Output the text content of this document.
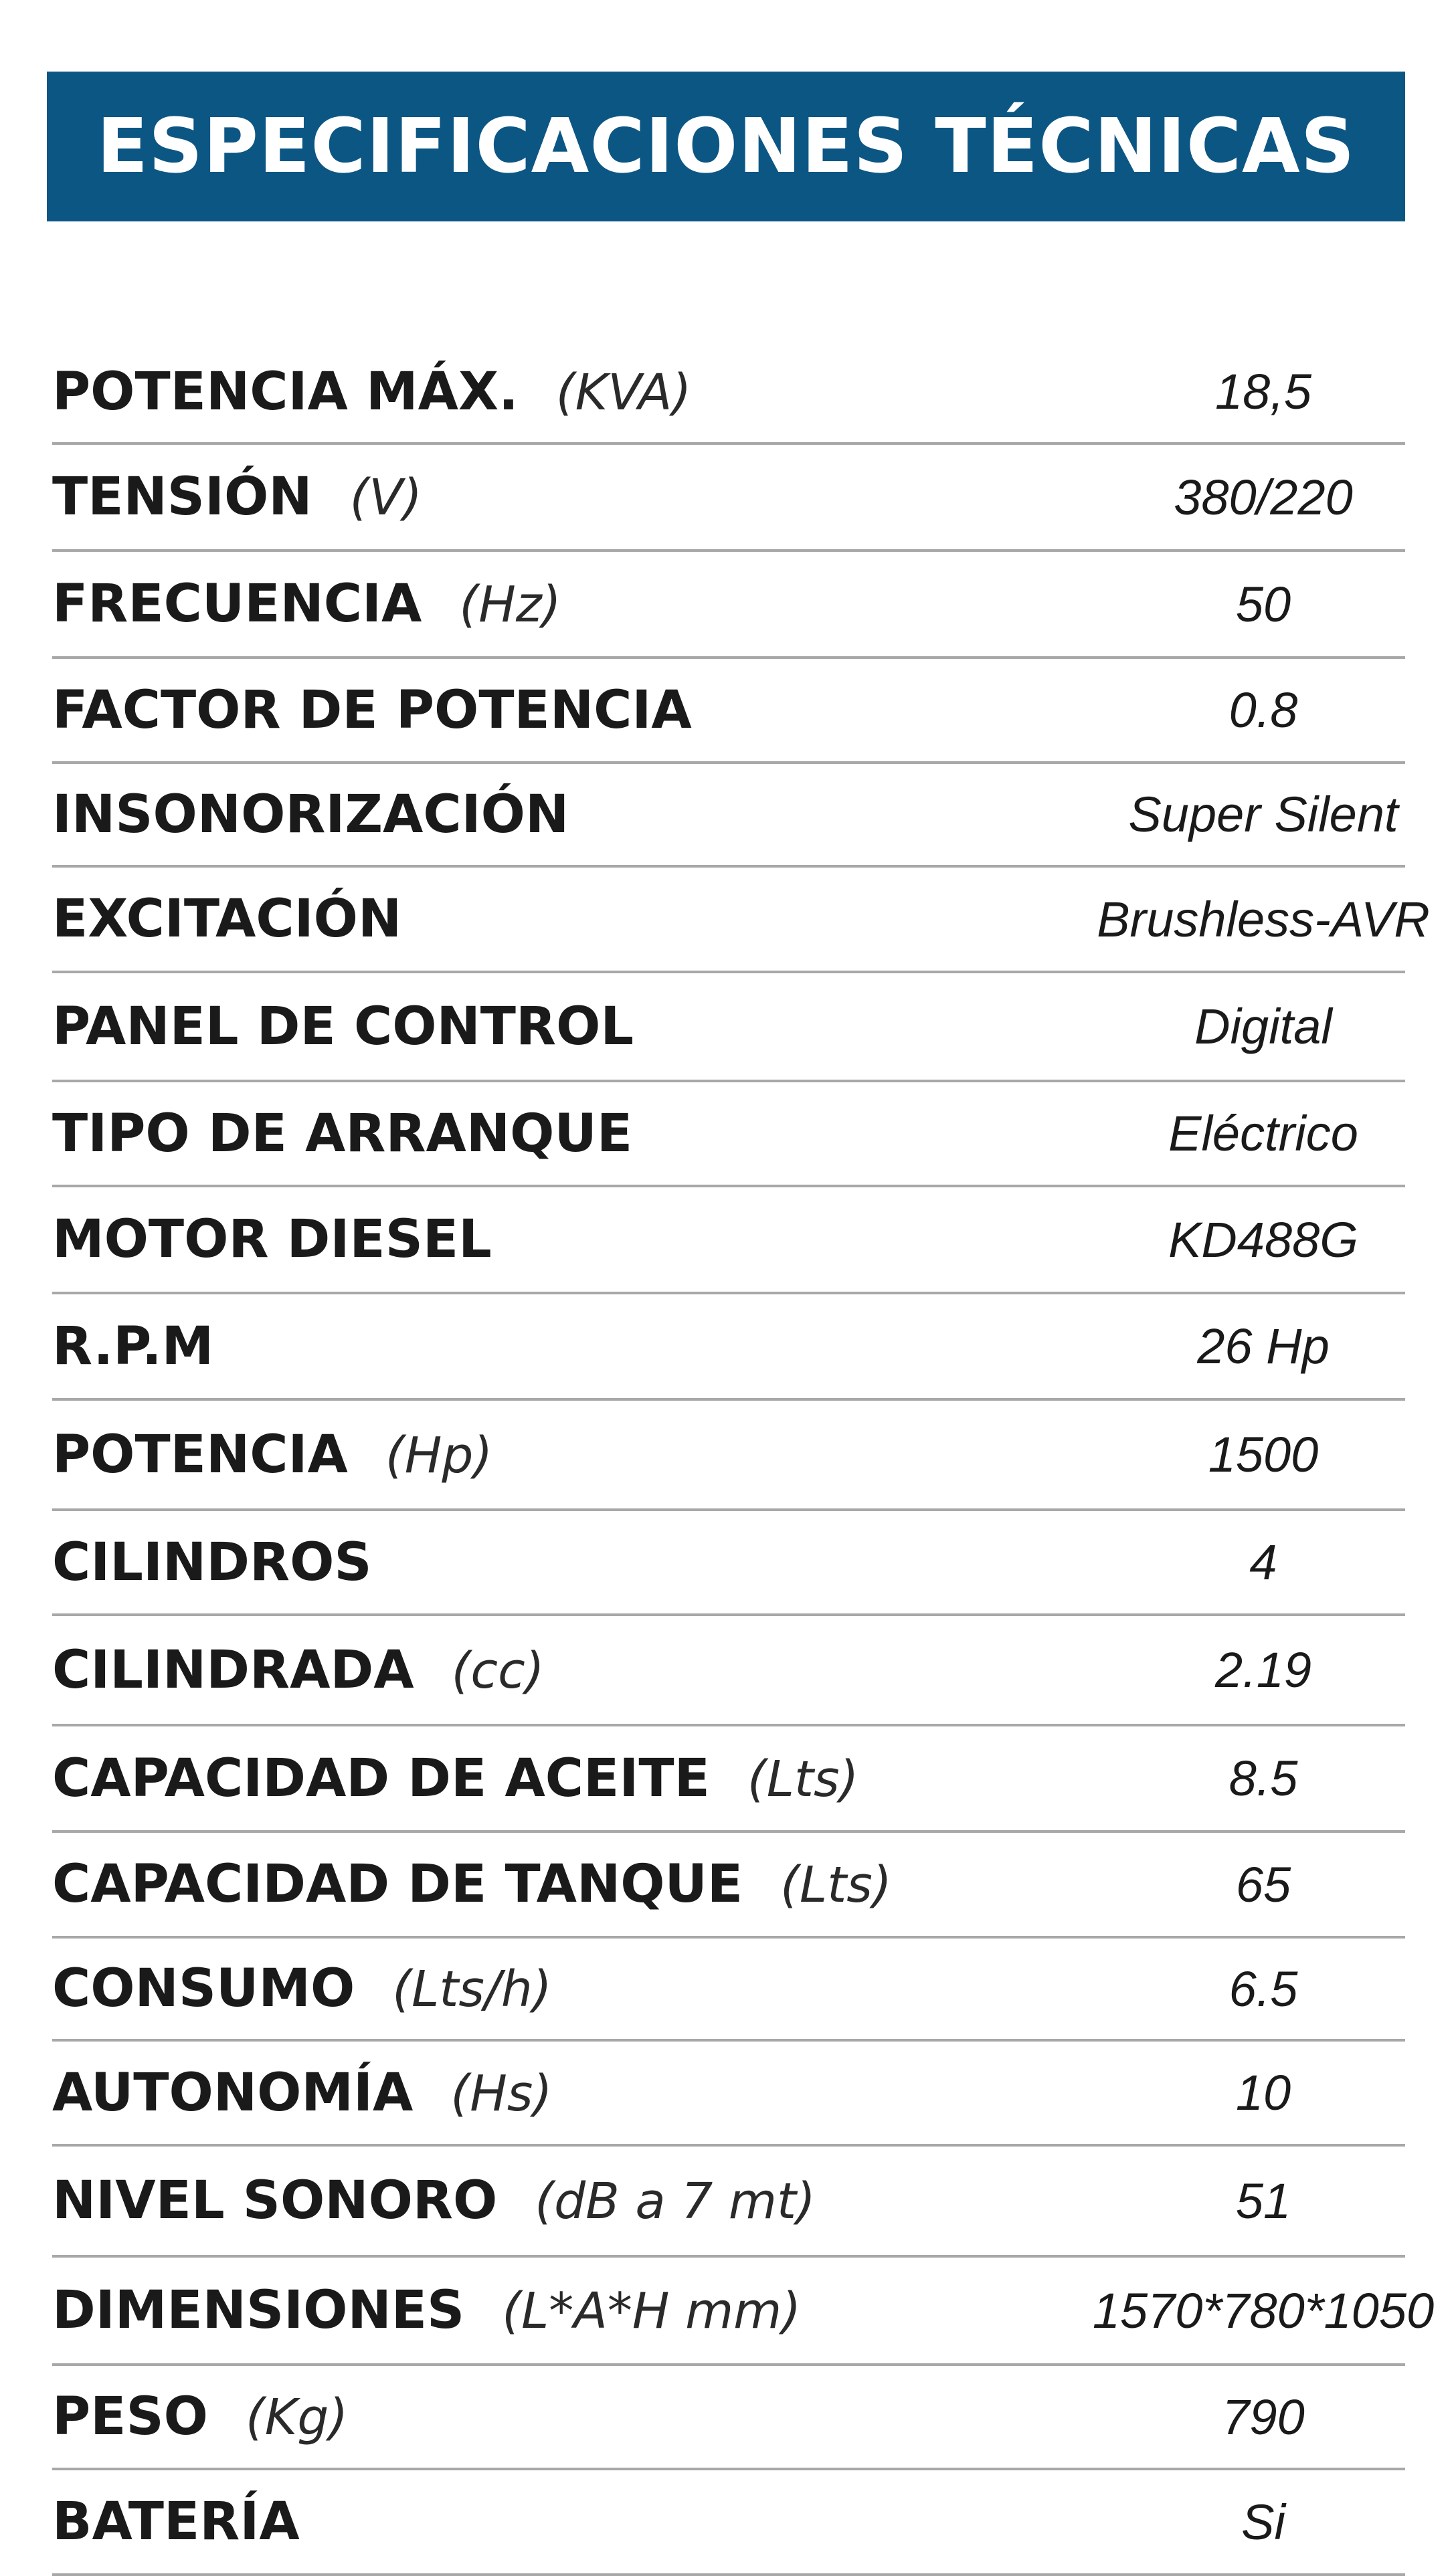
ESPECIFICACIONES TÉCNICAS
POTENCIA MÁX. (KVA)	18,5
TENSIÓN (V)	380/220
FRECUENCIA (Hz)	50
FACTOR DE POTENCIA	0.8
INSONORIZACIÓN	Super Silent
EXCITACIÓN	Brushless-AVR
PANEL DE CONTROL	Digital
TIPO DE ARRANQUE	Eléctrico
MOTOR DIESEL	KD488G
R.P.M	26 Hp
POTENCIA (Hp)	1500
CILINDROS	4
CILINDRADA (cc)	2.19
CAPACIDAD DE ACEITE (Lts)	8.5
CAPACIDAD DE TANQUE (Lts)	65
CONSUMO (Lts/h)	6.5
AUTONOMÍA (Hs)	10
NIVEL SONORO (dB a 7 mt)	51
DIMENSIONES (L*A*H mm)	1570*780*1050
PESO (Kg)	790
BATERÍA	Si
